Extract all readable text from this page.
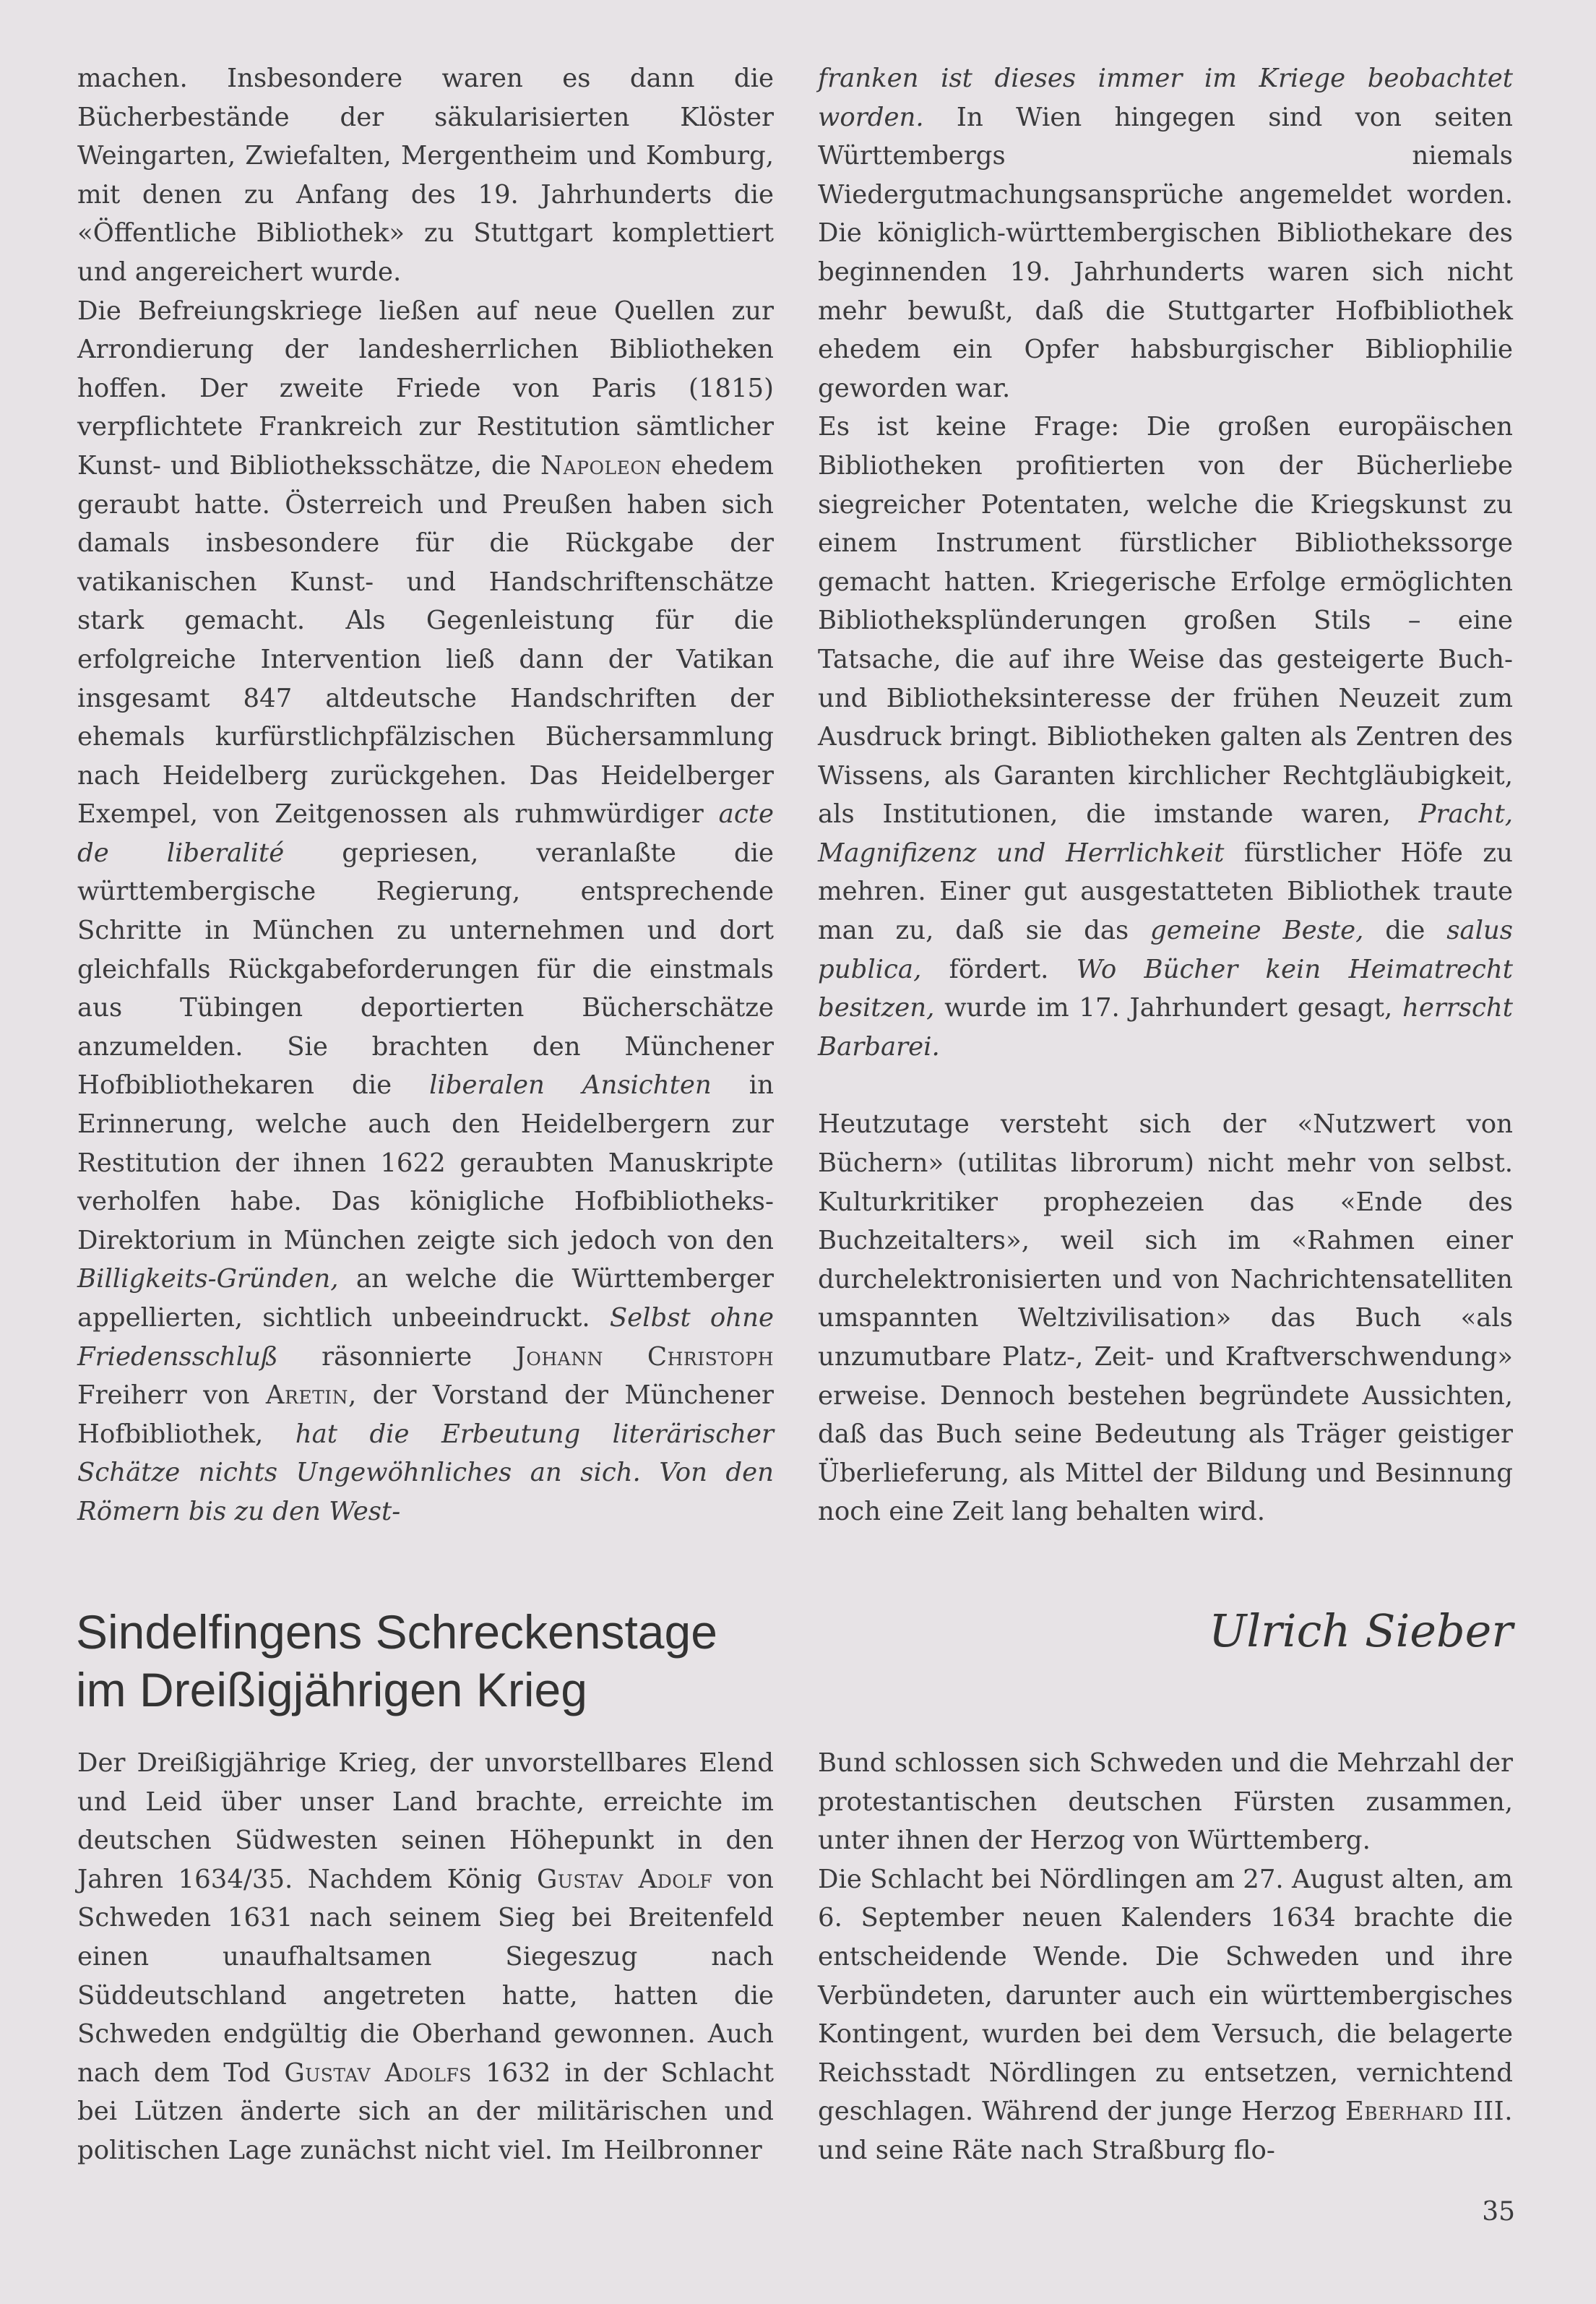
machen. Insbesondere waren es dann die Bücherbestände der säkularisierten Klöster Weingarten, Zwiefalten, Mergentheim und Komburg, mit denen zu Anfang des 19. Jahrhunderts die «Öffentliche Bibliothek» zu Stuttgart komplettiert und angereichert wurde.

Die Befreiungskriege ließen auf neue Quellen zur Arrondierung der landesherrlichen Bibliotheken hoffen. Der zweite Friede von Paris (1815) verpflichtete Frankreich zur Restitution sämtlicher Kunst- und Bibliotheksschätze, die Napoleon ehedem geraubt hatte. Österreich und Preußen haben sich damals insbesondere für die Rückgabe der vatikanischen Kunst- und Handschriftenschätze stark gemacht. Als Gegenleistung für die erfolgreiche Intervention ließ dann der Vatikan insgesamt 847 altdeutsche Handschriften der ehemals kurfürstlichpfälzischen Büchersammlung nach Heidelberg zurückgehen. Das Heidelberger Exempel, von Zeitgenossen als ruhmwürdiger acte de liberalité gepriesen, veranlaßte die württembergische Regierung, entsprechende Schritte in München zu unternehmen und dort gleichfalls Rückgabeforderungen für die einstmals aus Tübingen deportierten Bücherschätze anzumelden. Sie brachten den Münchener Hofbibliothekaren die liberalen Ansichten in Erinnerung, welche auch den Heidelbergern zur Restitution der ihnen 1622 geraubten Manuskripte verholfen habe. Das königliche Hofbibliotheks-Direktorium in München zeigte sich jedoch von den Billigkeits-Gründen, an welche die Württemberger appellierten, sichtlich unbeeindruckt. Selbst ohne Friedensschluß räsonnierte Johann Christoph Freiherr von Aretin, der Vorstand der Münchener Hofbibliothek, hat die Erbeutung literärischer Schätze nichts Ungewöhnliches an sich. Von den Römern bis zu den West-

franken ist dieses immer im Kriege beobachtet worden. In Wien hingegen sind von seiten Württembergs niemals Wiedergutmachungsansprüche angemeldet worden. Die königlich-württembergischen Bibliothekare des beginnenden 19. Jahrhunderts waren sich nicht mehr bewußt, daß die Stuttgarter Hofbibliothek ehedem ein Opfer habsburgischer Bibliophilie geworden war.

Es ist keine Frage: Die großen europäischen Bibliotheken profitierten von der Bücherliebe siegreicher Potentaten, welche die Kriegskunst zu einem Instrument fürstlicher Bibliothekssorge gemacht hatten. Kriegerische Erfolge ermöglichten Bibliotheksplünderungen großen Stils – eine Tatsache, die auf ihre Weise das gesteigerte Buch- und Bibliotheksinteresse der frühen Neuzeit zum Ausdruck bringt. Bibliotheken galten als Zentren des Wissens, als Garanten kirchlicher Rechtgläubigkeit, als Institutionen, die imstande waren, Pracht, Magnifizenz und Herrlichkeit fürstlicher Höfe zu mehren. Einer gut ausgestatteten Bibliothek traute man zu, daß sie das gemeine Beste, die salus publica, fördert. Wo Bücher kein Heimatrecht besitzen, wurde im 17. Jahrhundert gesagt, herrscht Barbarei.

Heutzutage versteht sich der «Nutzwert von Büchern» (utilitas librorum) nicht mehr von selbst. Kulturkritiker prophezeien das «Ende des Buchzeitalters», weil sich im «Rahmen einer durchelektronisierten und von Nachrichtensatelliten umspannten Weltzivilisation» das Buch «als unzumutbare Platz-, Zeit- und Kraftverschwendung» erweise. Dennoch bestehen begründete Aussichten, daß das Buch seine Bedeutung als Träger geistiger Überlieferung, als Mittel der Bildung und Besinnung noch eine Zeit lang behalten wird.

Sindelfingens Schreckenstage
im Dreißigjährigen Krieg
Ulrich Sieber

Der Dreißigjährige Krieg, der unvorstellbares Elend und Leid über unser Land brachte, erreichte im deutschen Südwesten seinen Höhepunkt in den Jahren 1634/35. Nachdem König Gustav Adolf von Schweden 1631 nach seinem Sieg bei Breitenfeld einen unaufhaltsamen Siegeszug nach Süddeutschland angetreten hatte, hatten die Schweden endgültig die Oberhand gewonnen. Auch nach dem Tod Gustav Adolfs 1632 in der Schlacht bei Lützen änderte sich an der militärischen und politischen Lage zunächst nicht viel. Im Heilbronner

Bund schlossen sich Schweden und die Mehrzahl der protestantischen deutschen Fürsten zusammen, unter ihnen der Herzog von Württemberg.

Die Schlacht bei Nördlingen am 27. August alten, am 6. September neuen Kalenders 1634 brachte die entscheidende Wende. Die Schweden und ihre Verbündeten, darunter auch ein württembergisches Kontingent, wurden bei dem Versuch, die belagerte Reichsstadt Nördlingen zu entsetzen, vernichtend geschlagen. Während der junge Herzog Eberhard III. und seine Räte nach Straßburg flo-

35
